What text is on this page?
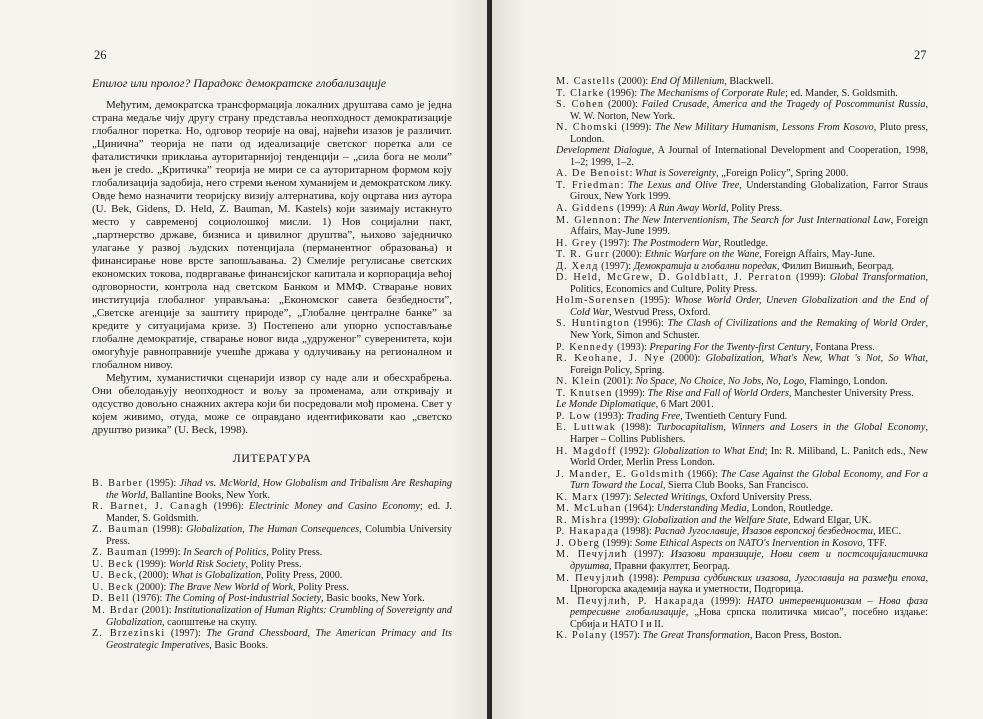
26
Епилог или пролог? Парадокс демократске глобализације

Међутим, демократска трансформација локалних друштава само је једна страна медаље чију другу страну представља неопходност демократизације глобалног поретка. Но, одговор теорије на овај, највећи изазов је различит. „Цинична” теорија не пати од идеализације светског поретка али се фаталистички приклања ауторитарнијој тенденцији – „сила бога не моли” њен је credo. „Критичка” теорија не мири се са ауторитарном формом коју глобализација задобија, него стреми њеном хуманијем и демократском лику. Овде ћемо назначити теоријску визију алтернатива, коју оцртава низ аутора (U. Bek, Gidens, D. Held, Z. Bauman, M. Kastels) који зазимају истакнуто место у савременој социолошкој мисли. 1) Нов социјални пакт, „партнерство државе, бизниса и цивилног друштва”, њихово заједничко улагање у развој људских потенцијала (перманентног образовања) и финансирање нове врсте запошљавања. 2) Смелије регулисање светских економских токова, подвргавање финансијског капитала и корпорација већој одговорности, контрола над светском Банком и ММФ. Стварање нових институција глобалног управљања: „Економског савета безбедности”, „Светске агенције за заштиту природе”, „Глобалне централне банке” за кредите у ситуацијама кризе. 3) Постепено али упорно успостављање глобалне демократије, стварање новог вида „удруженог” суверенитета, који омогућује равноправније учешће држава у одлучивању на регионалном и глобалном нивоу.

Међутим, хуманистички сценарији извор су наде али и обесхрабрења. Они обелодањују неопходност и вољу за променама, али откривају и одсуство довољно снажних актера који би посредовали мођ промена. Свет у којем живимо, отуда, може се оправдано идентификовати као „светско друштво ризика” (U. Beck, 1998).

ЛИТЕРАТУРА

B. Barber (1995): Jihad vs. McWorld, How Globalism and Tribalism Are Reshaping the World, Ballantine Books, New York.

R. Barnet, J. Canagh (1996): Electrinic Money and Casino Economy; ed. J. Mander, S. Goldsmith.

Z. Bauman (1998): Globalization, The Human Consequences, Columbia University Press.

Z. Bauman (1999): In Search of Politics, Polity Press.

U. Beck (1999): World Risk Society, Polity Press.

U. Beck, (2000): What is Globalization, Polity Press, 2000.

U. Beck (2000): The Brave New World of Work, Polity Press.

D. Bell (1976): The Coming of Post-industrial Society, Basic books, New York.

M. Brdar (2001): Institutionalization of Human Rights: Crumbling of Sovereignty and Globalization, саопштење на скупу.

Z. Brzezinski (1997): The Grand Chessboard, The American Primacy and Its Geostrategic Imperatives, Basic Books.

27

M. Castells (2000): End Of Millenium, Blackwell.

T. Clarke (1996): The Mechanisms of Corporate Rule; ed. Mander, S. Goldsmith.

S. Cohen (2000): Failed Crusade, America and the Tragedy of Poscommunist Russia, W. W. Norton, New York.

N. Chomski (1999): The New Military Humanism, Lessons From Kosovo, Pluto press, London.

Development Dialogue, A Journal of International Development and Cooperation, 1998, 1–2; 1999, 1–2.

A. De Benoist: What is Sovereignty, „Foreign Policy”, Spring 2000.

T. Friedman: The Lexus and Olive Tree, Understanding Globalization, Farror Straus Giroux, New York 1999.

A. Giddens (1999): A Run Away World, Polity Press.

M. Glennon: The New Interventionism, The Search for Just International Law, Foreign Affairs, May-June 1999.

H. Grey (1997): The Postmodern War, Routledge.

T. R. Gurr (2000): Ethnic Warfare on the Wane, Foreign Affairs, May-June.

Д. Хелд (1997): Демократија и глобални поредак, Филип Вишњић, Београд.

D. Held, McGrew, D. Goldblatt, J. Perraton (1999): Global Transformation, Politics, Economics and Culture, Polity Press.

Holm-Sorensen (1995): Whose World Order, Uneven Globalization and the End of Cold War, Westvud Press, Oxford.

S. Huntington (1996): The Clash of Civilizations and the Remaking of World Order, New York, Simon and Schuster.

P. Kennedy (1993): Preparing For the Twenty-first Century, Fontana Press.

R. Keohane, J. Nye (2000): Globalization, What's New, What 's Not, So What, Foreign Policy, Spring.

N. Klein (2001): No Space, No Choice, No Jobs, No, Logo, Flamingo, London.

T. Knutsen (1999): The Rise and Fall of World Orders, Manchester University Press.

Le Monde Diplomatique, 6 Mart 2001.

P. Low (1993): Trading Free, Twentieth Century Fund.

E. Luttwak (1998): Turbocapitalism, Winners and Losers in the Global Economy, Harper – Collins Publishers.

H. Magdoff (1992): Globalization to What End; In: R. Miliband, L. Panitch eds., New World Order, Merlin Press London.

J. Mander, E. Goldsmith (1966): The Case Against the Global Economy, and For a Turn Toward the Local, Sierra Club Books, San Francisco.

K. Marx (1997): Selected Writings, Oxford University Press.

M. McLuhan (1964): Understanding Media, London, Routledge.

R. Mishra (1999): Globalization and the Welfare State, Edward Elgar, UK.

Р. Накарада (1998): Распад Југославије, Изазов европској безбедности, ИЕС.

J. Oberg (1999): Some Ethical Aspects on NATO's Inervention in Kosovo, TFF.

M. Печујлић (1997): Изазови транзиције, Нови свет и постсоцијалистичка друштва, Правни факултет, Београд.

M. Печујлић (1998): Ретриза судбинских изазова, Југославија на размеђи епоха, Црногорска академија наука и уметности, Подгорица.

M. Печујлић, Р. Накарада (1999): НАТО интервенционизам – Нова фаза ретресивне глобализације, „Нова српска политичка мисао”, посебно издање: Србија и НАТО I и II.

K. Polany (1957): The Great Transformation, Bacon Press, Boston.
